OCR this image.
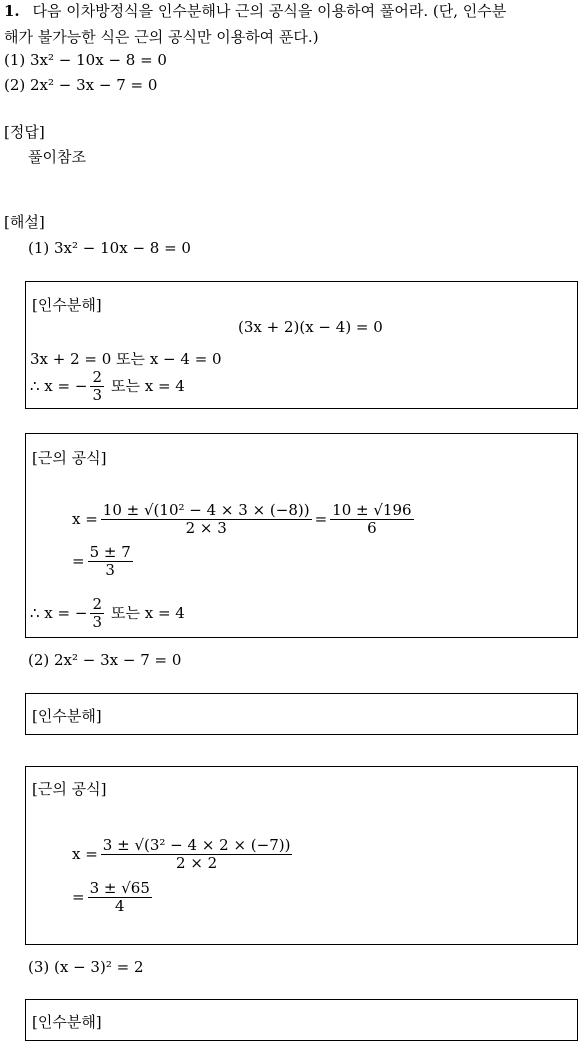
1. 다음 이차방정식을 인수분해나 근의 공식을 이용하여 풀어라. (단, 인수분
해가 불가능한 식은 근의 공식만 이용하여 푼다.)
(1) 3x² − 10x − 8 = 0
(2) 2x² − 3x − 7 = 0
[정답]
풀이참조
[해설]
(1) 3x² − 10x − 8 = 0
[인수분해]
(3x + 2)(x − 4) = 0
3x + 2 = 0 또는 x − 4 = 0
∴ x = − $\frac{2}{3}$ 또는 x = 4
[근의 공식]
$x = \frac{\text{10 ± √(10² − 4 × 3 × (−8))}}{2 \times 3} = \frac{10 \pm √196}{6}$
= $\frac{5 \pm 7}{3}$
∴ x = − $\frac{2}{3}$ 또는 x = 4
(2) 2x² − 3x − 7 = 0
[인수분해]
[근의 공식]
$x = \frac{\text{3 ± √(3² − 4 × 2 × (−7))}}{2 \times 2}$
= $\frac{3 \pm √65}{4}$
(3) (x − 3)² = 2
[인수분해]
